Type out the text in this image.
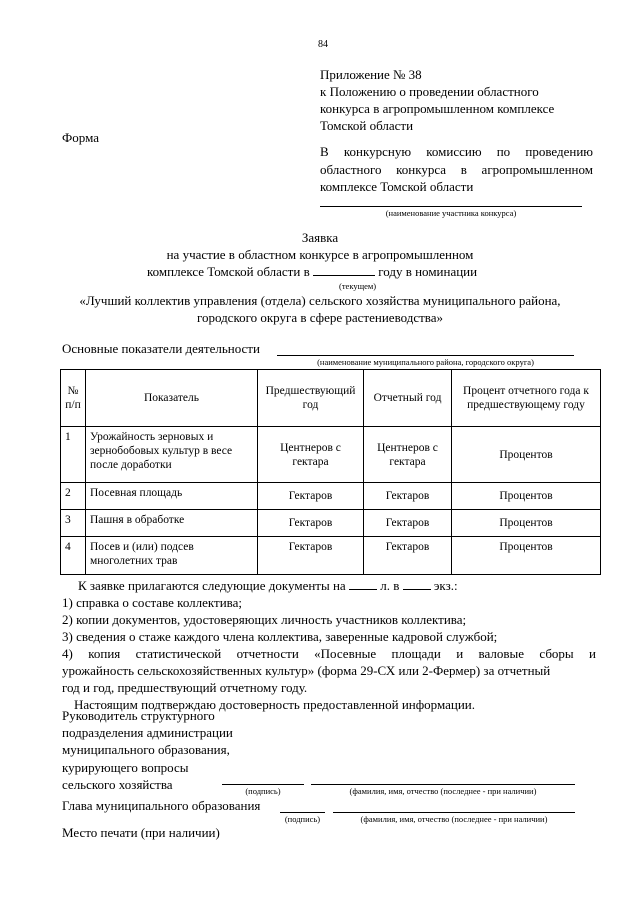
84
Приложение № 38
к Положению о проведении областного
конкурса в агропромышленном комплексе
Томской области
Форма
В конкурсную комиссию по проведению
областного конкурса в агропромышленном
комплексе Томской области
(наименование участника конкурса)
Заявка
на участие в областном конкурсе в агропромышленном
комплексе Томской области в	году в номинации
(текущем)
«Лучший коллектив управления (отдела) сельского хозяйства муниципального района,
городского округа в сфере растениеводства»
Основные показатели деятельности
(наименование муниципального района, городского округа)
№ п/п	Показатель	Предшествующий год	Отчетный год	Процент отчетного года к предшествующему году
1	Урожайность зерновых и зернобобовых культур в весе после доработки	Центнеров с гектара	Центнеров с гектара	Процентов
2	Посевная площадь	Гектаров	Гектаров	Процентов
3	Пашня в обработке	Гектаров	Гектаров	Процентов
4	Посев и (или) подсев многолетних трав	Гектаров	Гектаров	Процентов
К заявке прилагаются следующие документы на	л. в	экз.:
1) справка о составе коллектива;
2) копии документов, удостоверяющих личность участников коллектива;
3) сведения о стаже каждого члена коллектива, заверенные кадровой службой;
4) копия статистической отчетности «Посевные площади и валовые сборы и
урожайность сельскохозяйственных культур» (форма 29-СХ или 2-Фермер) за отчетный
год и год, предшествующий отчетному году.
Настоящим подтверждаю достоверность предоставленной информации.
Руководитель структурного
подразделения администрации
муниципального образования,
курирующего вопросы
сельского хозяйства	(подпись)	(фамилия, имя, отчество (последнее - при наличии)
Глава муниципального образования
(подпись)	(фамилия, имя, отчество (последнее - при наличии)
Место печати (при наличии)
